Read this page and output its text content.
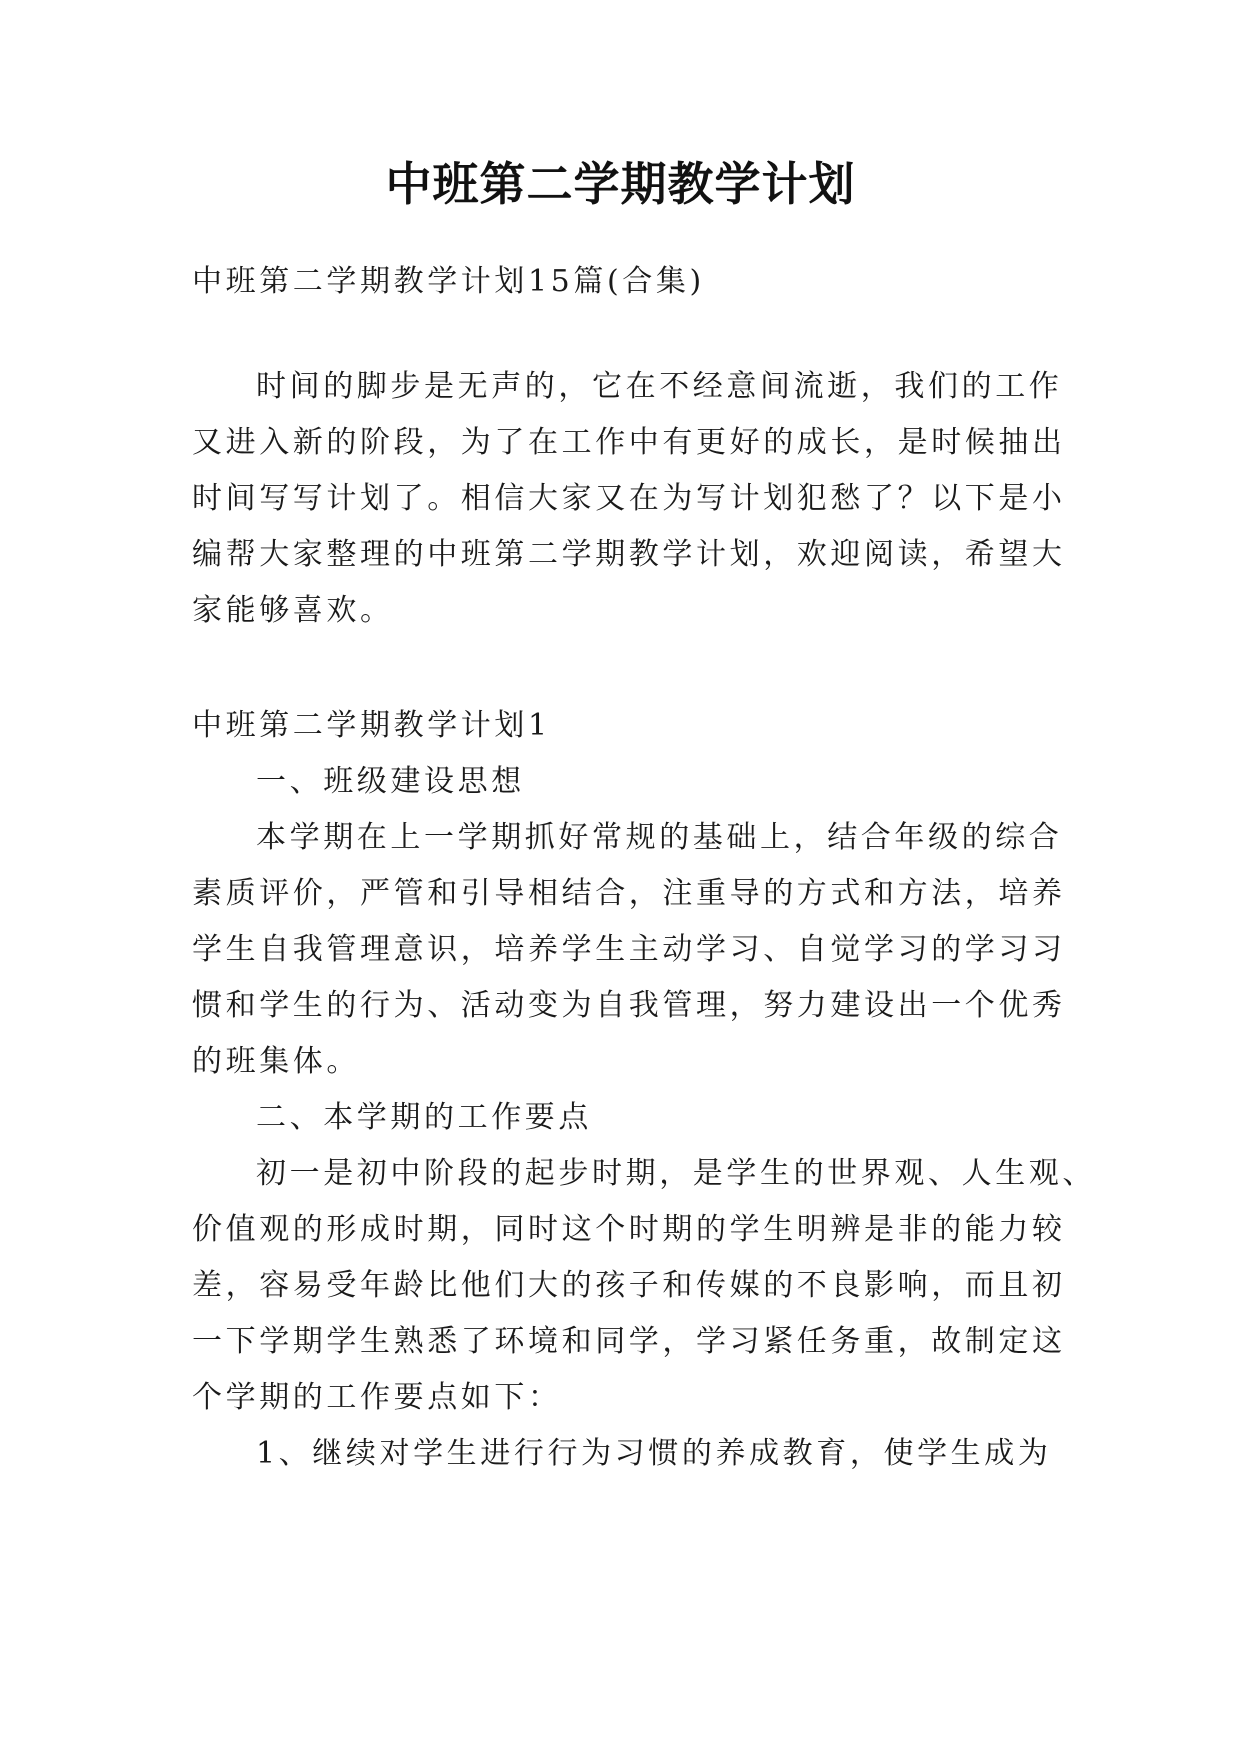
中班第二学期教学计划
中班第二学期教学计划15篇(合集)
时间的脚步是无声的，它在不经意间流逝，我们的工作
又进入新的阶段，为了在工作中有更好的成长，是时候抽出
时间写写计划了。相信大家又在为写计划犯愁了？以下是小
编帮大家整理的中班第二学期教学计划，欢迎阅读，希望大
家能够喜欢。
中班第二学期教学计划1
一、班级建设思想
本学期在上一学期抓好常规的基础上，结合年级的综合
素质评价，严管和引导相结合，注重导的方式和方法，培养
学生自我管理意识，培养学生主动学习、自觉学习的学习习
惯和学生的行为、活动变为自我管理，努力建设出一个优秀
的班集体。
二、本学期的工作要点
初一是初中阶段的起步时期，是学生的世界观、人生观、
价值观的形成时期，同时这个时期的学生明辨是非的能力较
差，容易受年龄比他们大的孩子和传媒的不良影响，而且初
一下学期学生熟悉了环境和同学，学习紧任务重，故制定这
个学期的工作要点如下：
1、继续对学生进行行为习惯的养成教育，使学生成为
